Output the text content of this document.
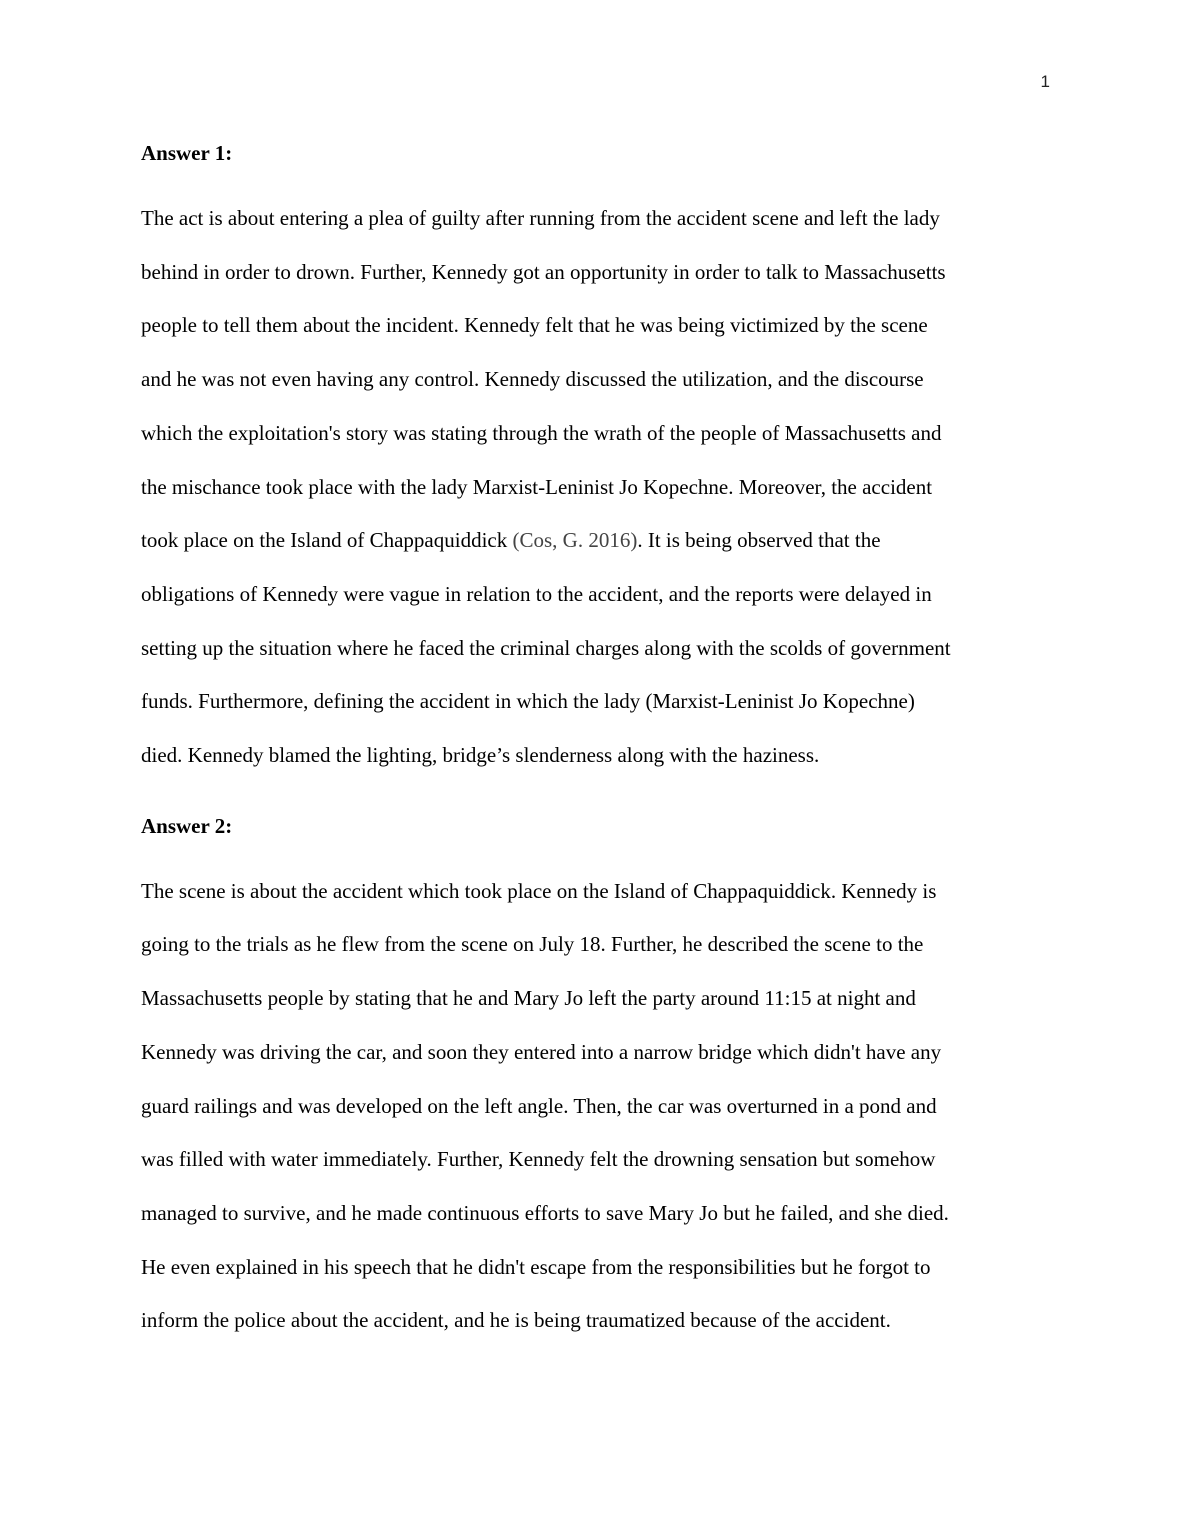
1
Answer 1:

The act is about entering a plea of guilty after running from the accident scene and left the lady
behind in order to drown. Further, Kennedy got an opportunity in order to talk to Massachusetts
people to tell them about the incident. Kennedy felt that he was being victimized by the scene
and he was not even having any control. Kennedy discussed the utilization, and the discourse
which the exploitation's story was stating through the wrath of the people of Massachusetts and
the mischance took place with the lady Marxist-Leninist Jo Kopechne. Moreover, the accident
took place on the Island of Chappaquiddick (Cos, G. 2016). It is being observed that the
obligations of Kennedy were vague in relation to the accident, and the reports were delayed in
setting up the situation where he faced the criminal charges along with the scolds of government
funds. Furthermore, defining the accident in which the lady (Marxist-Leninist Jo Kopechne)
died. Kennedy blamed the lighting, bridge’s slenderness along with the haziness.

Answer 2:

The scene is about the accident which took place on the Island of Chappaquiddick. Kennedy is
going to the trials as he flew from the scene on July 18. Further, he described the scene to the
Massachusetts people by stating that he and Mary Jo left the party around 11:15 at night and
Kennedy was driving the car, and soon they entered into a narrow bridge which didn't have any
guard railings and was developed on the left angle. Then, the car was overturned in a pond and
was filled with water immediately. Further, Kennedy felt the drowning sensation but somehow
managed to survive, and he made continuous efforts to save Mary Jo but he failed, and she died.
He even explained in his speech that he didn't escape from the responsibilities but he forgot to
inform the police about the accident, and he is being traumatized because of the accident.
